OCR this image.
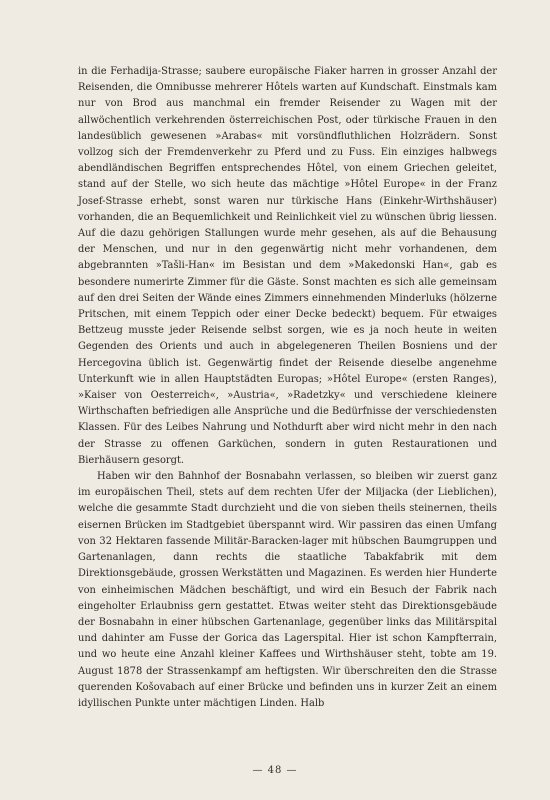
in die Ferhadija-Strasse; saubere europäische Fiaker harren in grosser Anzahl der Reisenden, die Omnibusse mehrerer Hôtels warten auf Kundschaft. Einstmals kam nur von Brod aus manchmal ein fremder Reisender zu Wagen mit der allwöchentlich verkehrenden österreichischen Post, oder türkische Frauen in den landesüblich gewesenen »Arabas« mit vorsündfluthlichen Holzrädern. Sonst vollzog sich der Fremdenverkehr zu Pferd und zu Fuss. Ein einziges halbwegs abendländischen Begriffen entsprechendes Hôtel, von einem Griechen geleitet, stand auf der Stelle, wo sich heute das mächtige »Hôtel Europe« in der Franz Josef-Strasse erhebt, sonst waren nur türkische Hans (Einkehr-Wirthshäuser) vorhanden, die an Bequemlichkeit und Reinlichkeit viel zu wünschen übrig liessen. Auf die dazu gehörigen Stallungen wurde mehr gesehen, als auf die Behausung der Menschen, und nur in den gegenwärtig nicht mehr vorhandenen, dem abgebrannten »Tašli-Han« im Besistan und dem »Makedonski Han«, gab es besondere numerirte Zimmer für die Gäste. Sonst machten es sich alle gemeinsam auf den drei Seiten der Wände eines Zimmers einnehmenden Minderluks (hölzerne Pritschen, mit einem Teppich oder einer Decke bedeckt) bequem. Für etwaiges Bettzeug musste jeder Reisende selbst sorgen, wie es ja noch heute in weiten Gegenden des Orients und auch in abgelegeneren Theilen Bosniens und der Hercegovina üblich ist. Gegenwärtig findet der Reisende dieselbe angenehme Unterkunft wie in allen Hauptstädten Europas; »Hôtel Europe« (ersten Ranges), »Kaiser von Oesterreich«, »Austria«, »Radetzky« und verschiedene kleinere Wirthschaften befriedigen alle Ansprüche und die Bedürfnisse der verschiedensten Klassen. Für des Leibes Nahrung und Nothdurft aber wird nicht mehr in den nach der Strasse zu offenen Garküchen, sondern in guten Restaurationen und Bierhäusern gesorgt.

Haben wir den Bahnhof der Bosnabahn verlassen, so bleiben wir zuerst ganz im europäischen Theil, stets auf dem rechten Ufer der Miljacka (der Lieblichen), welche die gesammte Stadt durchzieht und die von sieben theils steinernen, theils eisernen Brücken im Stadtgebiet überspannt wird. Wir passiren das einen Umfang von 32 Hektaren fassende Militär-Baracken-lager mit hübschen Baumgruppen und Gartenanlagen, dann rechts die staatliche Tabakfabrik mit dem Direktionsgebäude, grossen Werkstätten und Magazinen. Es werden hier Hunderte von einheimischen Mädchen beschäftigt, und wird ein Besuch der Fabrik nach eingeholter Erlaubniss gern gestattet. Etwas weiter steht das Direktionsgebäude der Bosnabahn in einer hübschen Gartenanlage, gegenüber links das Militärspital und dahinter am Fusse der Gorica das Lagerspital. Hier ist schon Kampfterrain, und wo heute eine Anzahl kleiner Kaffees und Wirthshäuser steht, tobte am 19. August 1878 der Strassenkampf am heftigsten. Wir überschreiten den die Strasse querenden Košovabach auf einer Brücke und befinden uns in kurzer Zeit an einem idyllischen Punkte unter mächtigen Linden. Halb

— 48 —
